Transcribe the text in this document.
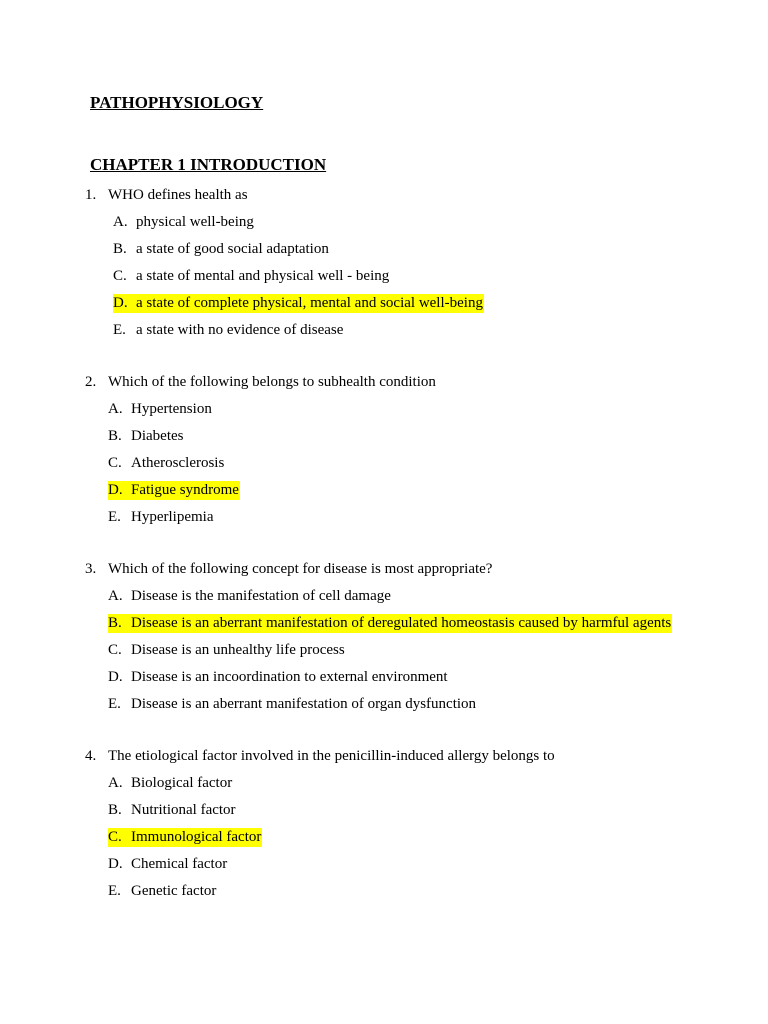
PATHOPHYSIOLOGY
CHAPTER 1 INTRODUCTION
1. WHO defines health as
A. physical well-being
B. a state of good social adaptation
C. a state of mental and physical well - being
D. a state of complete physical, mental and social well-being
E. a state with no evidence of disease
2. Which of the following belongs to subhealth condition
A. Hypertension
B. Diabetes
C. Atherosclerosis
D. Fatigue syndrome
E. Hyperlipemia
3. Which of the following concept for disease is most appropriate?
A. Disease is the manifestation of cell damage
B. Disease is an aberrant manifestation of deregulated homeostasis caused by harmful agents
C. Disease is an unhealthy life process
D. Disease is an incoordination to external environment
E. Disease is an aberrant manifestation of organ dysfunction
4. The etiological factor involved in the penicillin-induced allergy belongs to
A. Biological factor
B. Nutritional factor
C. Immunological factor
D. Chemical factor
E. Genetic factor
